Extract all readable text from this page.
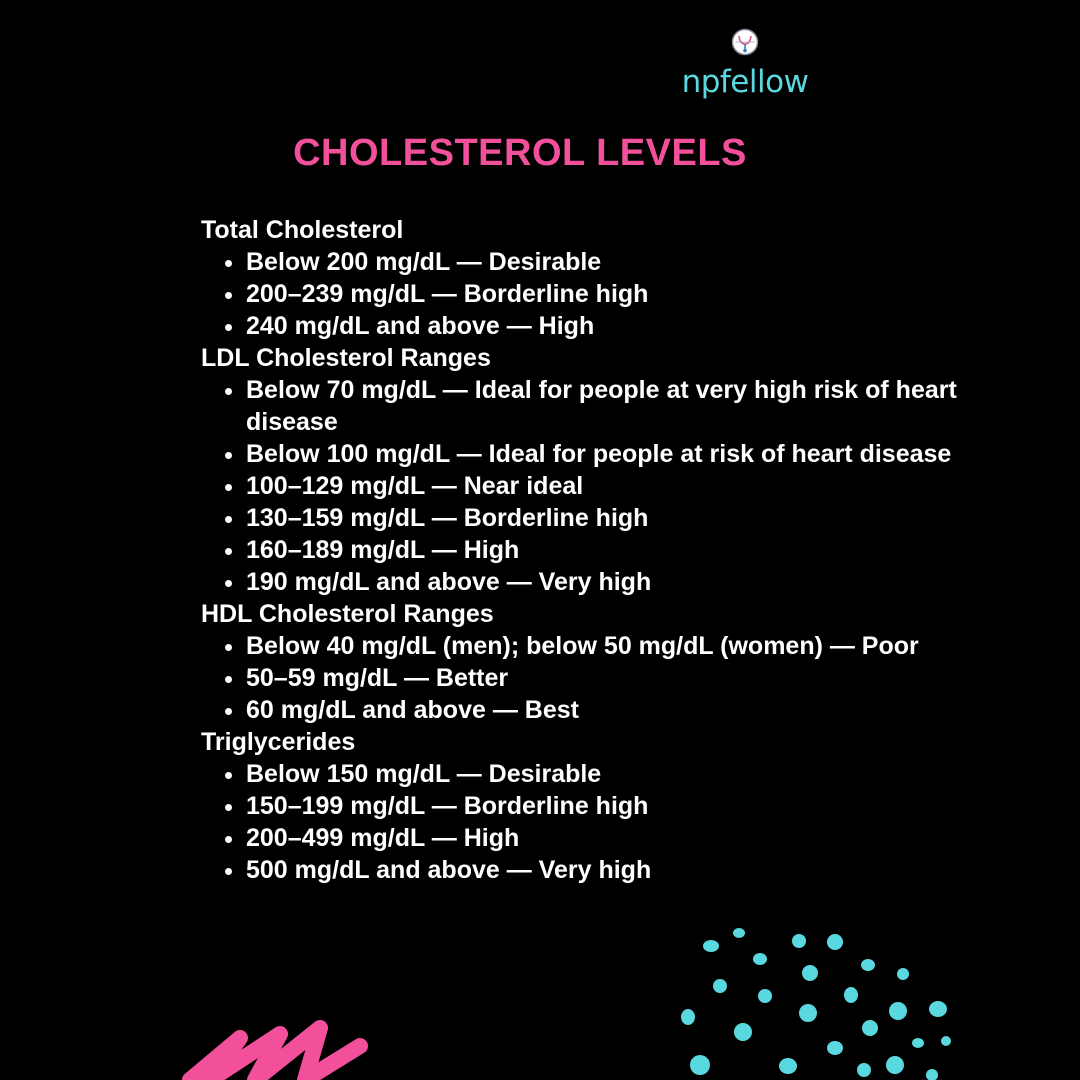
npfellow
CHOLESTEROL LEVELS
Total Cholesterol
• Below 200 mg/dL — Desirable
• 200–239 mg/dL — Borderline high
• 240 mg/dL and above — High
LDL Cholesterol Ranges
• Below 70 mg/dL — Ideal for people at very high risk of heart disease
• Below 100 mg/dL — Ideal for people at risk of heart disease
• 100–129 mg/dL — Near ideal
• 130–159 mg/dL — Borderline high
• 160–189 mg/dL — High
• 190 mg/dL and above — Very high
HDL Cholesterol Ranges
• Below 40 mg/dL (men); below 50 mg/dL (women) — Poor
• 50–59 mg/dL — Better
• 60 mg/dL and above — Best
Triglycerides
• Below 150 mg/dL — Desirable
• 150–199 mg/dL — Borderline high
• 200–499 mg/dL — High
• 500 mg/dL and above — Very high
